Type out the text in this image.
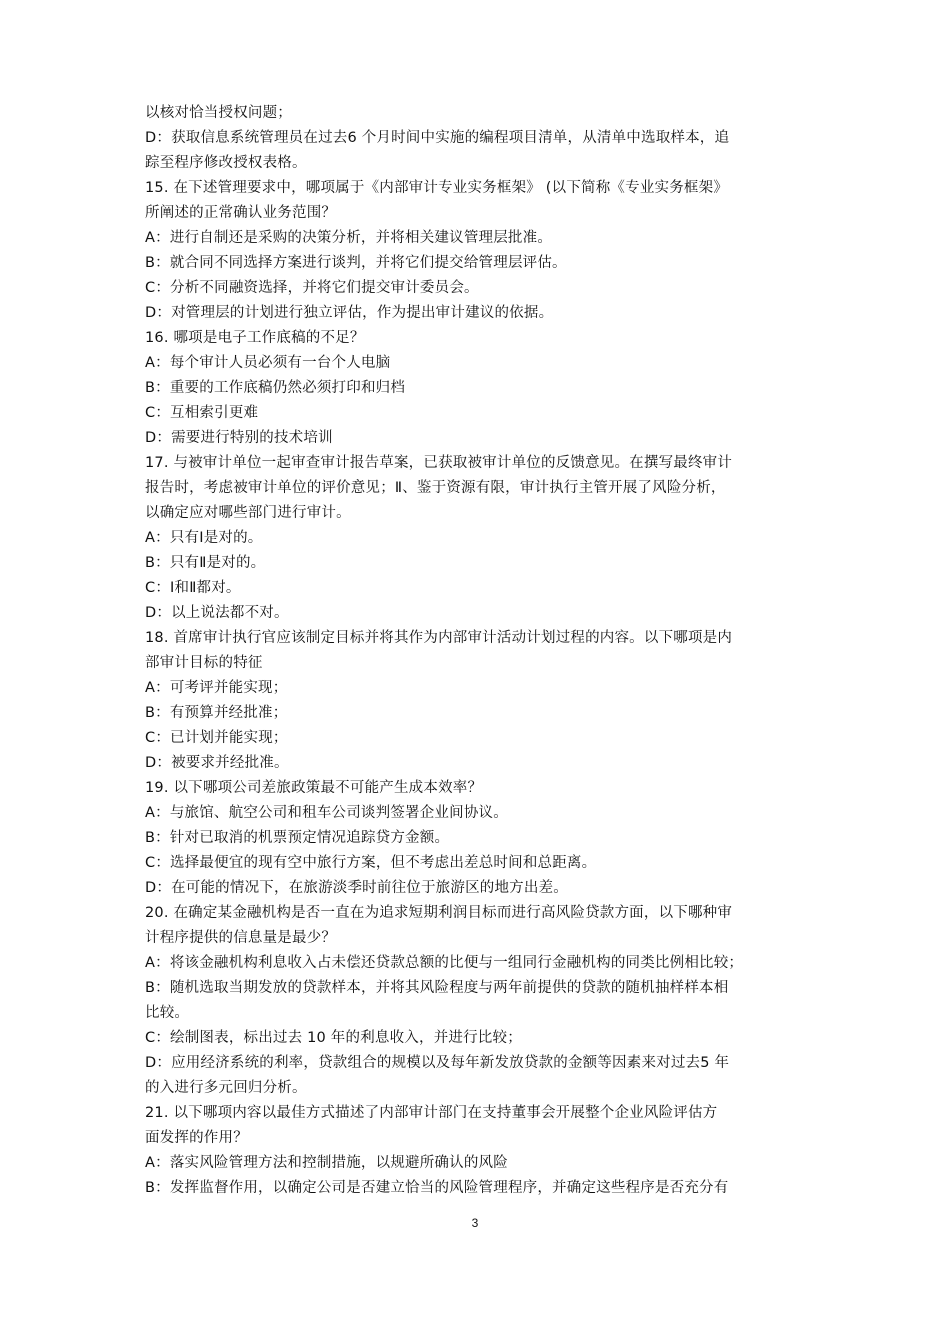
以核对恰当授权问题；
D：获取信息系统管理员在过去6 个月时间中实施的编程项目清单，从清单中选取样本，追
踪至程序修改授权表格。
15. 在下述管理要求中，哪项属于《内部审计专业实务框架》 (以下简称《专业实务框架》
所阐述的正常确认业务范围？
A：进行自制还是采购的决策分析，并将相关建议管理层批准。
B：就合同不同选择方案进行谈判，并将它们提交给管理层评估。
C：分析不同融资选择，并将它们提交审计委员会。
D：对管理层的计划进行独立评估，作为提出审计建议的依据。
16. 哪项是电子工作底稿的不足？
A：每个审计人员必须有一台个人电脑
B：重要的工作底稿仍然必须打印和归档
C：互相索引更难
D：需要进行特别的技术培训
17. 与被审计单位一起审查审计报告草案，已获取被审计单位的反馈意见。在撰写最终审计
报告时，考虑被审计单位的评价意见；Ⅱ、鉴于资源有限，审计执行主管开展了风险分析，
以确定应对哪些部门进行审计。
A：只有Ⅰ是对的。
B：只有Ⅱ是对的。
C：Ⅰ和Ⅱ都对。
D：以上说法都不对。
18. 首席审计执行官应该制定目标并将其作为内部审计活动计划过程的内容。以下哪项是内
部审计目标的特征
A：可考评并能实现；
B：有预算并经批准；
C：已计划并能实现；
D：被要求并经批准。
19. 以下哪项公司差旅政策最不可能产生成本效率？
A：与旅馆、航空公司和租车公司谈判签署企业间协议。
B：针对已取消的机票预定情况追踪贷方金额。
C：选择最便宜的现有空中旅行方案，但不考虑出差总时间和总距离。
D：在可能的情况下，在旅游淡季时前往位于旅游区的地方出差。
20. 在确定某金融机构是否一直在为追求短期利润目标而进行高风险贷款方面，以下哪种审
计程序提供的信息量是最少？
A：将该金融机构利息收入占未偿还贷款总额的比便与一组同行金融机构的同类比例相比较；
B：随机选取当期发放的贷款样本，并将其风险程度与两年前提供的贷款的随机抽样样本相
比较。
C：绘制图表，标出过去 10 年的利息收入，并进行比较；
D：应用经济系统的利率，贷款组合的规模以及每年新发放贷款的金额等因素来对过去5 年
的入进行多元回归分析。
21. 以下哪项内容以最佳方式描述了内部审计部门在支持董事会开展整个企业风险评估方
面发挥的作用？
A：落实风险管理方法和控制措施，以规避所确认的风险
B：发挥监督作用，以确定公司是否建立恰当的风险管理程序，并确定这些程序是否充分有
3
